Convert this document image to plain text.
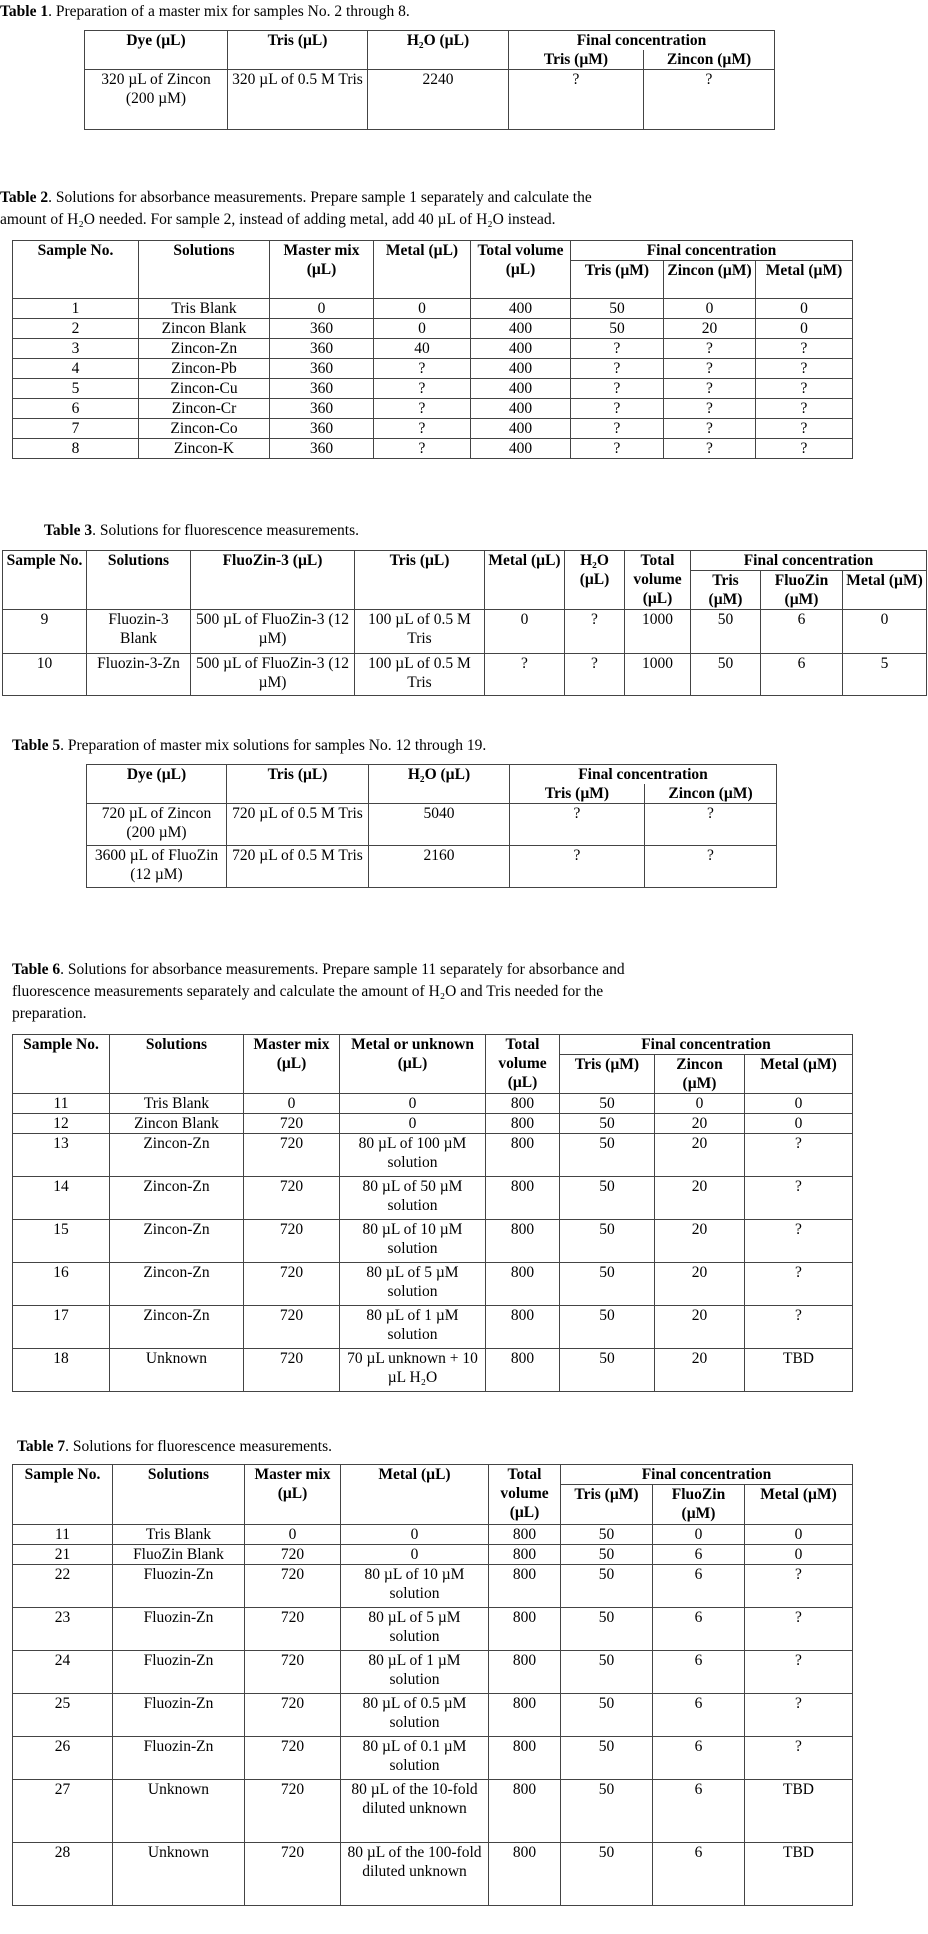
Table 1. Preparation of a master mix for samples No. 2 through 8.
Dye (µL)	Tris (µL)	H₂O (µL)	Final concentration	
			Tris (µM)	Zincon (µM)
320 µL of Zincon (200 µM)	320 µL of 0.5 M Tris	2240	?	?
Table 2. Solutions for absorbance measurements. Prepare sample 1 separately and calculate the
amount of H₂O needed. For sample 2, instead of adding metal, add 40 µL of H₂O instead.
Sample No.	Solutions	Master mix (µL)	Metal (µL)	Total volume (µL)	Final concentration		
					Tris (µM)	Zincon (µM)	Metal (µM)
1	Tris Blank	0	0	400	50	0	0
2	Zincon Blank	360	0	400	50	20	0
3	Zincon-Zn	360	40	400	?	?	?
4	Zincon-Pb	360	?	400	?	?	?
5	Zincon-Cu	360	?	400	?	?	?
6	Zincon-Cr	360	?	400	?	?	?
7	Zincon-Co	360	?	400	?	?	?
8	Zincon-K	360	?	400	?	?	?
Table 3. Solutions for fluorescence measurements.
Sample No.	Solutions	FluoZin-3 (µL)	Tris (µL)	Metal (µL)	H₂O (µL)	Total volume (µL)	Final concentration		
							Tris (µM)	FluoZin (µM)	Metal (µM)
9	Fluozin-3 Blank	500 µL of FluoZin-3 (12 µM)	100 µL of 0.5 M Tris	0	?	1000	50	6	0
10	Fluozin-3-Zn	500 µL of FluoZin-3 (12 µM)	100 µL of 0.5 M Tris	?	?	1000	50	6	5
Table 5. Preparation of master mix solutions for samples No. 12 through 19.
Dye (µL)	Tris (µL)	H₂O (µL)	Final concentration	
			Tris (µM)	Zincon (µM)
720 µL of Zincon (200 µM)	720 µL of 0.5 M Tris	5040	?	?
3600 µL of FluoZin (12 µM)	720 µL of 0.5 M Tris	2160	?	?
Table 6. Solutions for absorbance measurements. Prepare sample 11 separately for absorbance and
fluorescence measurements separately and calculate the amount of H₂O and Tris needed for the
preparation.
Sample No.	Solutions	Master mix (µL)	Metal or unknown (µL)	Total volume (µL)	Final concentration		
					Tris (µM)	Zincon (µM)	Metal (µM)
11	Tris Blank	0	0	800	50	0	0
12	Zincon Blank	720	0	800	50	20	0
13	Zincon-Zn	720	80 µL of 100 µM solution	800	50	20	?
14	Zincon-Zn	720	80 µL of 50 µM solution	800	50	20	?
15	Zincon-Zn	720	80 µL of 10 µM solution	800	50	20	?
16	Zincon-Zn	720	80 µL of 5 µM solution	800	50	20	?
17	Zincon-Zn	720	80 µL of 1 µM solution	800	50	20	?
18	Unknown	720	70 µL unknown + 10 µL H₂O	800	50	20	TBD
Table 7. Solutions for fluorescence measurements.
Sample No.	Solutions	Master mix (µL)	Metal (µL)	Total volume (µL)	Final concentration		
					Tris (µM)	FluoZin (µM)	Metal (µM)
11	Tris Blank	0	0	800	50	0	0
21	FluoZin Blank	720	0	800	50	6	0
22	Fluozin-Zn	720	80 µL of 10 µM solution	800	50	6	?
23	Fluozin-Zn	720	80 µL of 5 µM solution	800	50	6	?
24	Fluozin-Zn	720	80 µL of 1 µM solution	800	50	6	?
25	Fluozin-Zn	720	80 µL of 0.5 µM solution	800	50	6	?
26	Fluozin-Zn	720	80 µL of 0.1 µM solution	800	50	6	?
27	Unknown	720	80 µL of the 10-fold diluted unknown	800	50	6	TBD
28	Unknown	720	80 µL of the 100-fold diluted unknown	800	50	6	TBD
